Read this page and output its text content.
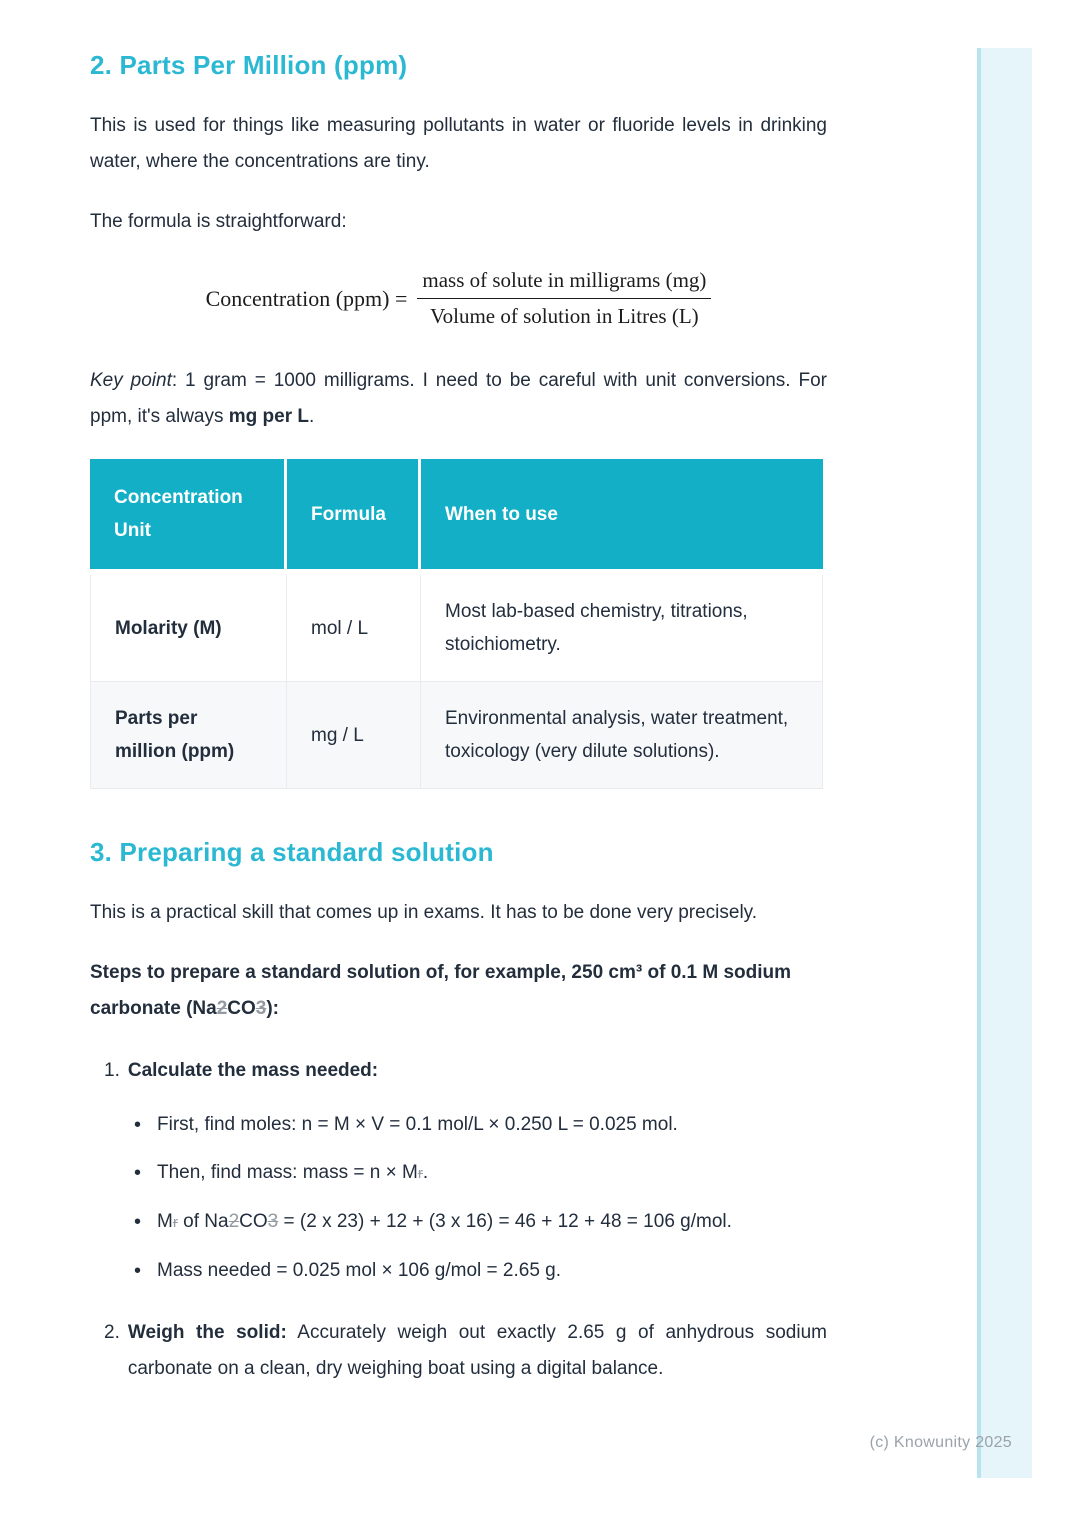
2. Parts Per Million (ppm)

This is used for things like measuring pollutants in water or fluoride levels in drinking water, where the concentrations are tiny.

The formula is straightforward:

Concentration $(ppm) = \frac{\text{mass of solute in milligrams (mg)}}{\text{Volume of solution in Litres (L)}}$

Key point: 1 gram = 1000 milligrams. I need to be careful with unit conversions. For ppm, it's always mg per L.

Concentration Unit	Formula	When to use
Molarity (M)	mol / L	Most lab-based chemistry, titrations, stoichiometry.
Parts per million (ppm)	mg / L	Environmental analysis, water treatment, toxicology (very dilute solutions).
3. Preparing a standard solution

This is a practical skill that comes up in exams. It has to be done very precisely.

Steps to prepare a standard solution of, for example, 250 cm³ of 0.1 M sodium carbonate (Na2CO3):

1. Calculate the mass needed:
• First, find moles: n = M × V = 0.1 mol/L × 0.250 L = 0.025 mol.
• Then, find mass: mass = n × Mr.
• Mr of Na2CO3 = (2 x 23) + 12 + (3 x 16) = 46 + 12 + 48 = 106 g/mol.
• Mass needed = 0.025 mol × 106 g/mol = 2.65 g.
2. Weigh the solid: Accurately weigh out exactly 2.65 g of anhydrous sodium carbonate on a clean, dry weighing boat using a digital balance.
(c) Knowunity 2025
